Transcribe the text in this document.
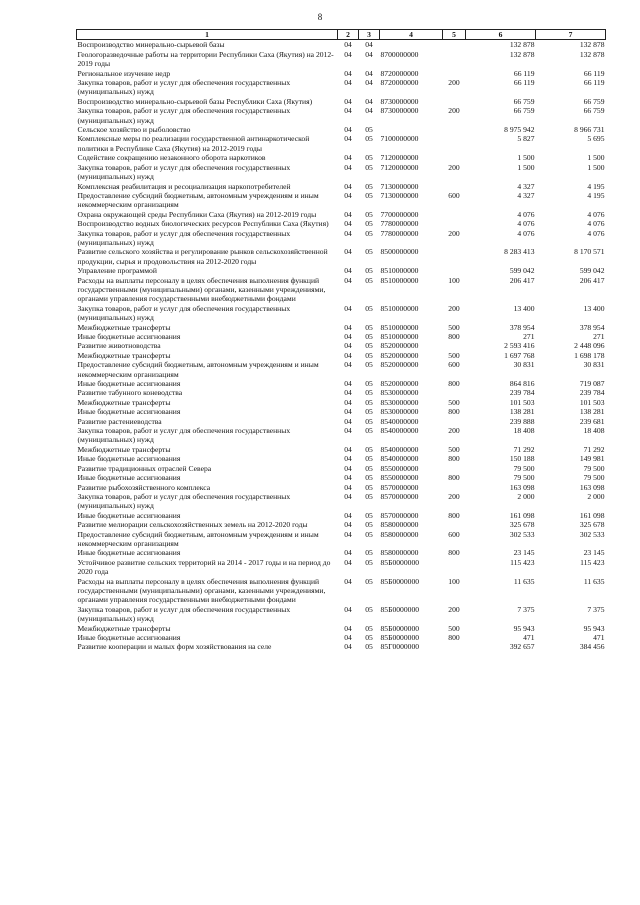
8
1	2	3	4	5	6	7
Воспроизводство минерально-сырьевой базы	04	04			132 878	132 878
Геологоразведочные работы на территории Республики Саха (Якутия) на 2012-2019 годы	04	04	8700000000		132 878	132 878
Региональное изучение недр	04	04	8720000000		66 119	66 119
Закупка товаров, работ и услуг для обеспечения государственных (муниципальных) нужд	04	04	8720000000	200	66 119	66 119
Воспроизводство минерально-сырьевой базы Республики Саха (Якутия)	04	04	8730000000		66 759	66 759
Закупка товаров, работ и услуг для обеспечения государственных (муниципальных) нужд	04	04	8730000000	200	66 759	66 759
Сельское хозяйство и рыболовство	04	05			8 975 942	8 966 731
Комплексные меры по реализации государственной антинаркотической политики в Республике Саха (Якутия) на 2012-2019 годы	04	05	7100000000		5 827	5 695
Содействие сокращению незаконного оборота наркотиков	04	05	7120000000		1 500	1 500
Закупка товаров, работ и услуг для обеспечения государственных (муниципальных) нужд	04	05	7120000000	200	1 500	1 500
Комплексная реабилитация и ресоциализация наркопотребителей	04	05	7130000000		4 327	4 195
Предоставление субсидий бюджетным, автономным учреждениям и иным некоммерческим организациям	04	05	7130000000	600	4 327	4 195
Охрана окружающей среды Республики Саха (Якутия) на 2012-2019 годы	04	05	7700000000		4 076	4 076
Воспроизводство водных биологических ресурсов Республики Саха (Якутия)	04	05	7780000000		4 076	4 076
Закупка товаров, работ и услуг для обеспечения государственных (муниципальных) нужд	04	05	7780000000	200	4 076	4 076
Развитие сельского хозяйства и регулирование рынков сельскохозяйственной продукции, сырья и продовольствия на 2012-2020 годы	04	05	8500000000		8 283 413	8 170 571
Управление программой	04	05	8510000000		599 042	599 042
Расходы на выплаты персоналу в целях обеспечения выполнения функций государственными (муниципальными) органами, казенными учреждениями, органами управления государственными внебюджетными фондами	04	05	8510000000	100	206 417	206 417
Закупка товаров, работ и услуг для обеспечения государственных (муниципальных) нужд	04	05	8510000000	200	13 400	13 400
Межбюджетные трансферты	04	05	8510000000	500	378 954	378 954
Иные бюджетные ассигнования	04	05	8510000000	800	271	271
Развитие животноводства	04	05	8520000000		2 593 416	2 448 096
Межбюджетные трансферты	04	05	8520000000	500	1 697 768	1 698 178
Предоставление субсидий бюджетным, автономным учреждениям и иным некоммерческим организациям	04	05	8520000000	600	30 831	30 831
Иные бюджетные ассигнования	04	05	8520000000	800	864 816	719 087
Развитие табунного коневодства	04	05	8530000000		239 784	239 784
Межбюджетные трансферты	04	05	8530000000	500	101 503	101 503
Иные бюджетные ассигнования	04	05	8530000000	800	138 281	138 281
Развитие растениеводства	04	05	8540000000		239 888	239 681
Закупка товаров, работ и услуг для обеспечения государственных (муниципальных) нужд	04	05	8540000000	200	18 408	18 408
Межбюджетные трансферты	04	05	8540000000	500	71 292	71 292
Иные бюджетные ассигнования	04	05	8540000000	800	150 188	149 981
Развитие традиционных отраслей Севера	04	05	8550000000		79 500	79 500
Иные бюджетные ассигнования	04	05	8550000000	800	79 500	79 500
Развитие рыбохозяйственного комплекса	04	05	8570000000		163 098	163 098
Закупка товаров, работ и услуг для обеспечения государственных (муниципальных) нужд	04	05	8570000000	200	2 000	2 000
Иные бюджетные ассигнования	04	05	8570000000	800	161 098	161 098
Развитие мелиорации сельскохозяйственных земель на 2012-2020 годы	04	05	8580000000		325 678	325 678
Предоставление субсидий бюджетным, автономным учреждениям и иным некоммерческим организациям	04	05	8580000000	600	302 533	302 533
Иные бюджетные ассигнования	04	05	8580000000	800	23 145	23 145
Устойчивое развитие сельских территорий на 2014 - 2017 годы и на период до 2020 года	04	05	85Б0000000		115 423	115 423
Расходы на выплаты персоналу в целях обеспечения выполнения функций государственными (муниципальными) органами, казенными учреждениями, органами управления государственными внебюджетными фондами	04	05	85Б0000000	100	11 635	11 635
Закупка товаров, работ и услуг для обеспечения государственных (муниципальных) нужд	04	05	85Б0000000	200	7 375	7 375
Межбюджетные трансферты	04	05	85Б0000000	500	95 943	95 943
Иные бюджетные ассигнования	04	05	85Б0000000	800	471	471
Развитие кооперации и малых форм хозяйствования на селе	04	05	85Г0000000		392 657	384 456
